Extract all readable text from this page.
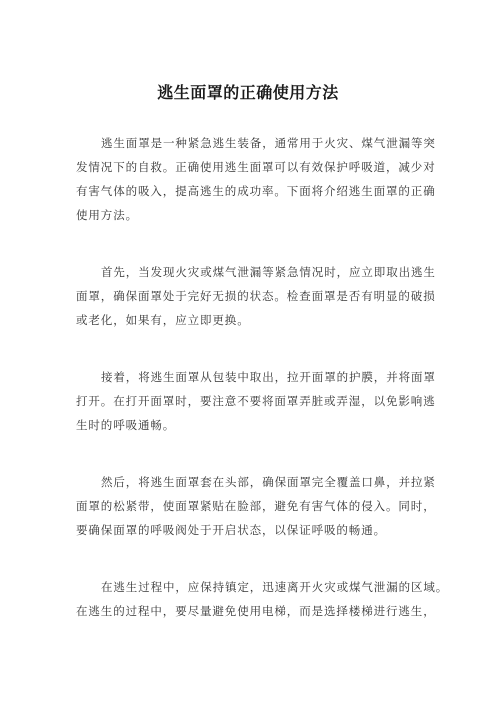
逃生面罩的正确使用方法
逃生面罩是一种紧急逃生装备，通常用于火灾、煤气泄漏等突
发情况下的自救。正确使用逃生面罩可以有效保护呼吸道，减少对
有害气体的吸入，提高逃生的成功率。下面将介绍逃生面罩的正确
使用方法。
首先，当发现火灾或煤气泄漏等紧急情况时，应立即取出逃生
面罩，确保面罩处于完好无损的状态。检查面罩是否有明显的破损
或老化，如果有，应立即更换。
接着，将逃生面罩从包装中取出，拉开面罩的护膜，并将面罩
打开。在打开面罩时，要注意不要将面罩弄脏或弄湿，以免影响逃
生时的呼吸通畅。
然后，将逃生面罩套在头部，确保面罩完全覆盖口鼻，并拉紧
面罩的松紧带，使面罩紧贴在脸部，避免有害气体的侵入。同时，
要确保面罩的呼吸阀处于开启状态，以保证呼吸的畅通。
在逃生过程中，应保持镇定，迅速离开火灾或煤气泄漏的区域。
在逃生的过程中，要尽量避免使用电梯，而是选择楼梯进行逃生，
